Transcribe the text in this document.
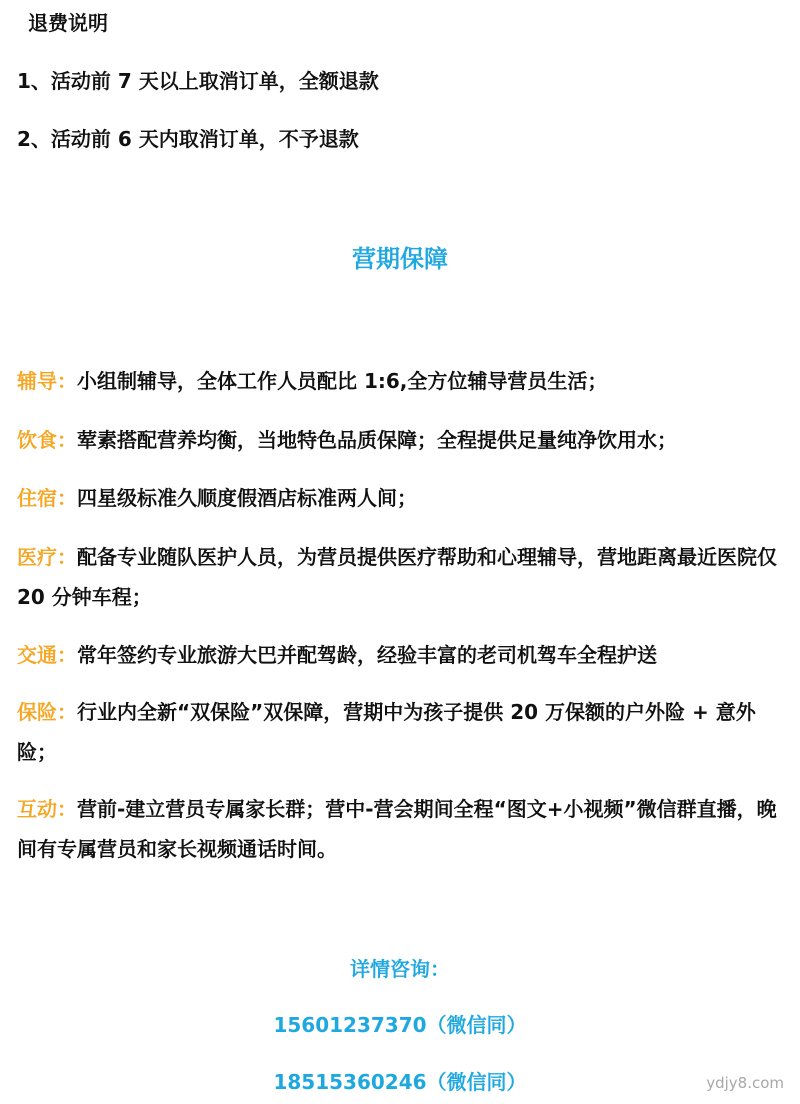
退费说明
1、活动前 7 天以上取消订单，全额退款
2、活动前 6 天内取消订单，不予退款
营期保障
辅导：小组制辅导，全体工作人员配比 1:6,全方位辅导营员生活；
饮食：荤素搭配营养均衡，当地特色品质保障；全程提供足量纯净饮用水；
住宿：四星级标准久顺度假酒店标准两人间；
医疗：配备专业随队医护人员，为营员提供医疗帮助和心理辅导，营地距离最近医院仅 20 分钟车程；
交通：常年签约专业旅游大巴并配驾龄，经验丰富的老司机驾车全程护送
保险：行业内全新“双保险”双保障，营期中为孩子提供 20 万保额的户外险 + 意外险；
互动：营前-建立营员专属家长群；营中-营会期间全程“图文+小视频”微信群直播，晚间有专属营员和家长视频通话时间。
详情咨询：
15601237370（微信同）
18515360246（微信同）	ydjy8.com
